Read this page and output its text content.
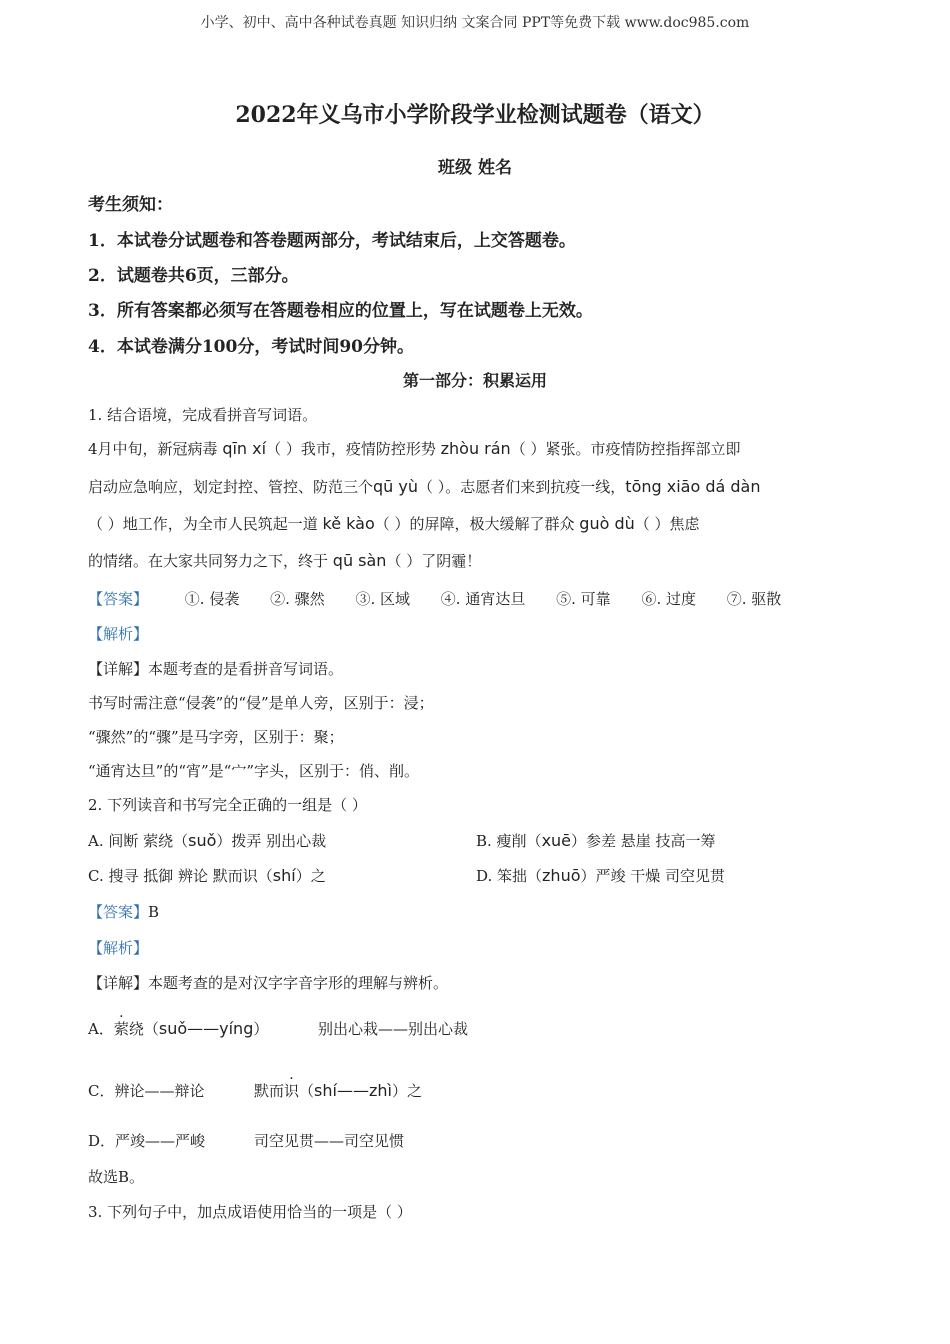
小学、初中、高中各种试卷真题 知识归纳 文案合同 PPT等免费下载 www.doc985.com
2022年义乌市小学阶段学业检测试题卷（语文）
班级 姓名
考生须知：
1．本试卷分试题卷和答卷题两部分，考试结束后，上交答题卷。
2．试题卷共6页，三部分。
3．所有答案都必须写在答题卷相应的位置上，写在试题卷上无效。
4．本试卷满分100分，考试时间90分钟。
第一部分：积累运用
1. 结合语境，完成看拼音写词语。
4月中旬，新冠病毒 qīn xí（ ）我市，疫情防控形势 zhòu rán（ ）紧张。市疫情防控指挥部立即
启动应急响应，划定封控、管控、防范三个qū yù（ ）。志愿者们来到抗疫一线，tōng xiāo dá dàn
（ ）地工作，为全市人民筑起一道 kě kào（ ）的屏障，极大缓解了群众 guò dù（ ）焦虑
的情绪。在大家共同努力之下，终于 qū sàn（ ）了阴霾！
【答案】 ①. 侵袭 ②. 骤然 ③. 区域 ④. 通宵达旦 ⑤. 可靠 ⑥. 过度 ⑦. 驱散
【解析】
【详解】本题考查的是看拼音写词语。
书写时需注意“侵袭”的“侵”是单人旁，区别于：浸；
“骤然”的“骤”是马字旁，区别于：聚；
“通宵达旦”的“宵”是“宀”字头，区别于：俏、削。
2. 下列读音和书写完全正确的一组是（ ）
A. 间断 萦绕（suǒ）拨弄 别出心裁	B. 瘦削（xuē）参差 悬崖 技高一筹
C. 搜寻 抵御 辨论 默而识（shí）之	D. 笨拙（zhuō）严竣 干燥 司空见贯
【答案】B
【解析】
【详解】本题考查的是对汉字字音字形的理解与辨析。
A．萦绕（suǒ——yíng）	别出心栽——别出心裁
C．辨论——辩论	默而识（shí——zhì）之
D．严竣——严峻	司空见贯——司空见惯
故选B。
3. 下列句子中，加点成语使用恰当的一项是（ ）
